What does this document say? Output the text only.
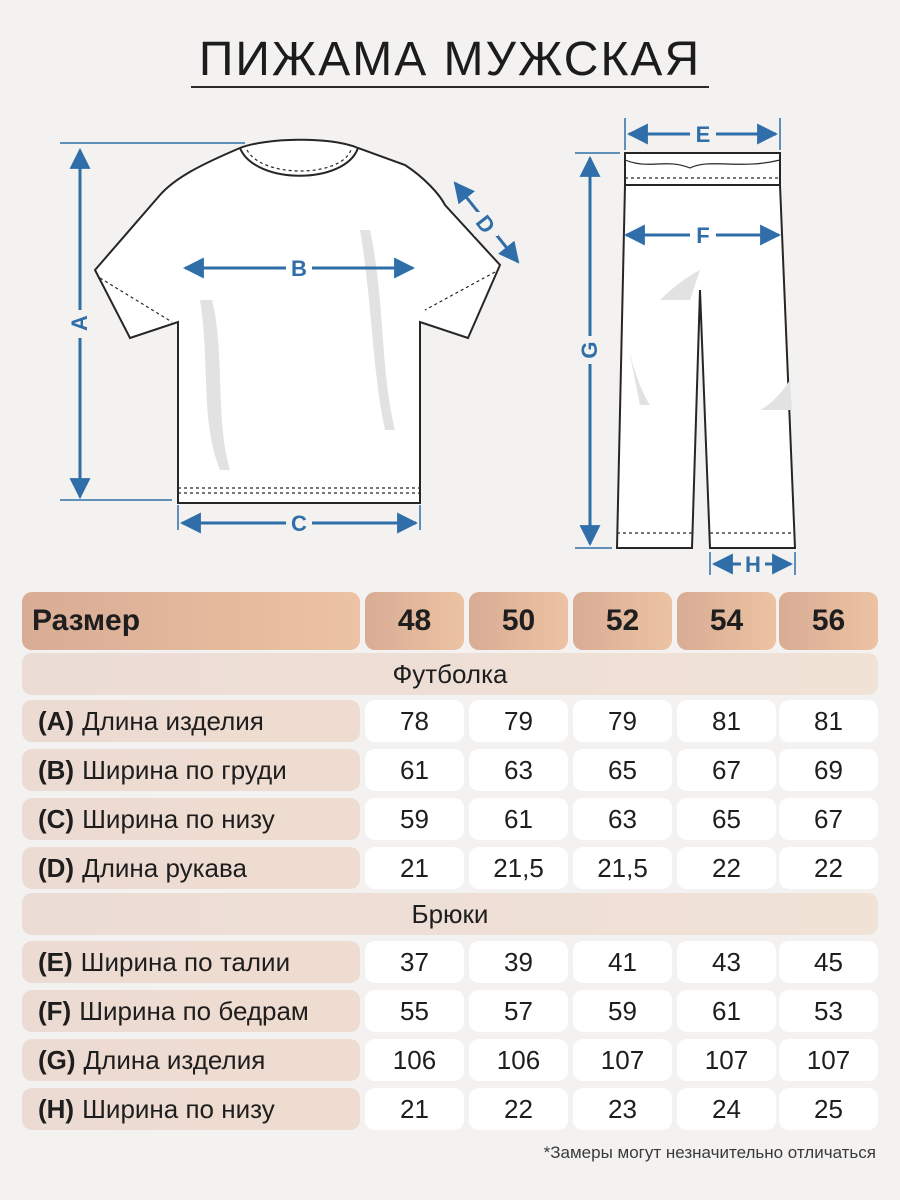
ПИЖАМА МУЖСКАЯ
A
B
C
D
E
F
G
H
Размер	48	50	52	54	56
Футболка
(A) Длина изделия	78	79	79	81	81
(B) Ширина по груди	61	63	65	67	69
(C) Ширина по низу	59	61	63	65	67
(D) Длина рукава	21	21,5	21,5	22	22
Брюки
(E) Ширина по талии	37	39	41	43	45
(F) Ширина по бедрам	55	57	59	61	53
(G) Длина изделия	106	106	107	107	107
(H) Ширина по низу	21	22	23	24	25
*Замеры могут незначительно отличаться
